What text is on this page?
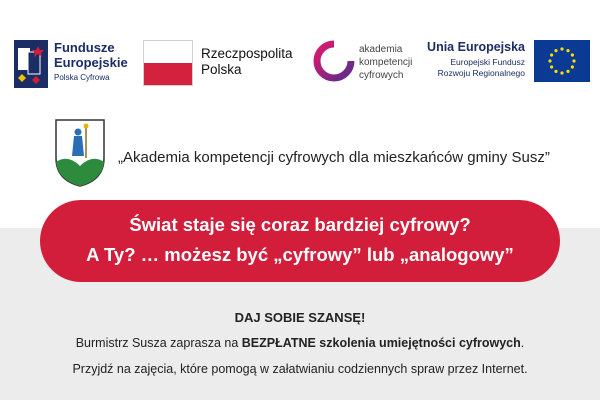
Fundusze
Europejskie
Polska Cyfrowa
Rzeczpospolita
Polska
akademia
kompetencji
cyfrowych
Unia Europejska
Europejski Fundusz
Rozwoju Regionalnego
„Akademia kompetencji cyfrowych dla mieszkańców gminy Susz”
Świat staje się coraz bardziej cyfrowy?
A Ty? … możesz być „cyfrowy” lub „analogowy”
DAJ SOBIE SZANSĘ!
Burmistrz Susza zaprasza na BEZPŁATNE szkolenia umiejętności cyfrowych.
Przyjdź na zajęcia, które pomogą w załatwianiu codziennych spraw przez Internet.
